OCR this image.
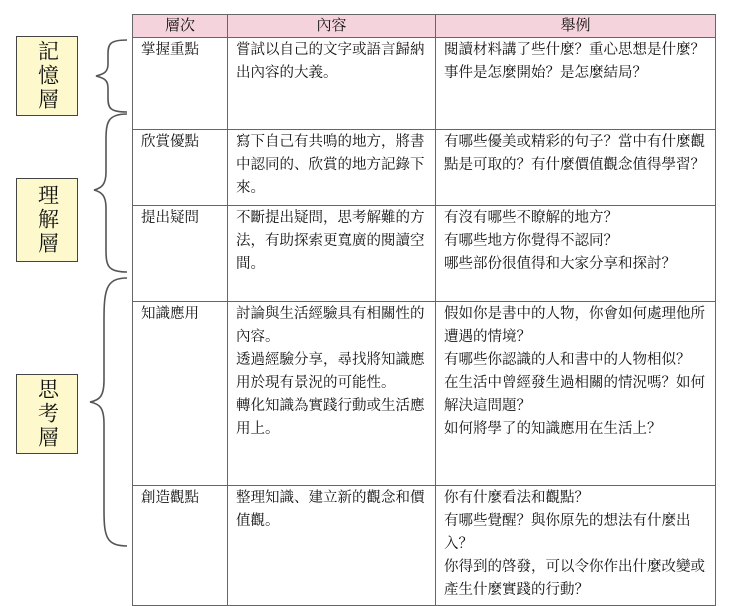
記憶層
理解層
思考層
層次	內容	舉例
掌握重點	嘗試以自己的文字或語言歸納出內容的大義。	閱讀材料講了些什麼？重心思想是什麼？
事件是怎麼開始？是怎麼結局？

欣賞優點	寫下自己有共鳴的地方，將書中認同的、欣賞的地方記錄下來。	有哪些優美或精彩的句子？當中有什麼觀點是可取的？有什麼價值觀念值得學習？

提出疑問	不斷提出疑問，思考解難的方法，有助探索更寬廣的閱讀空間。	有沒有哪些不瞭解的地方？
有哪些地方你覺得不認同？
哪些部份很值得和大家分享和探討？

知識應用	討論與生活經驗具有相關性的內容。
透過經驗分享，尋找將知識應用於現有景況的可能性。
轉化知識為實踐行動或生活應用上。	假如你是書中的人物，你會如何處理他所遭遇的情境？
有哪些你認識的人和書中的人物相似？
在生活中曾經發生過相關的情況嗎？如何解決這問題？
如何將學了的知識應用在生活上？

創造觀點	整理知識、建立新的觀念和價值觀。	你有什麼看法和觀點？
有哪些覺醒？與你原先的想法有什麼出入？
你得到的啓發，可以令你作出什麼改變或產生什麼實踐的行動？
